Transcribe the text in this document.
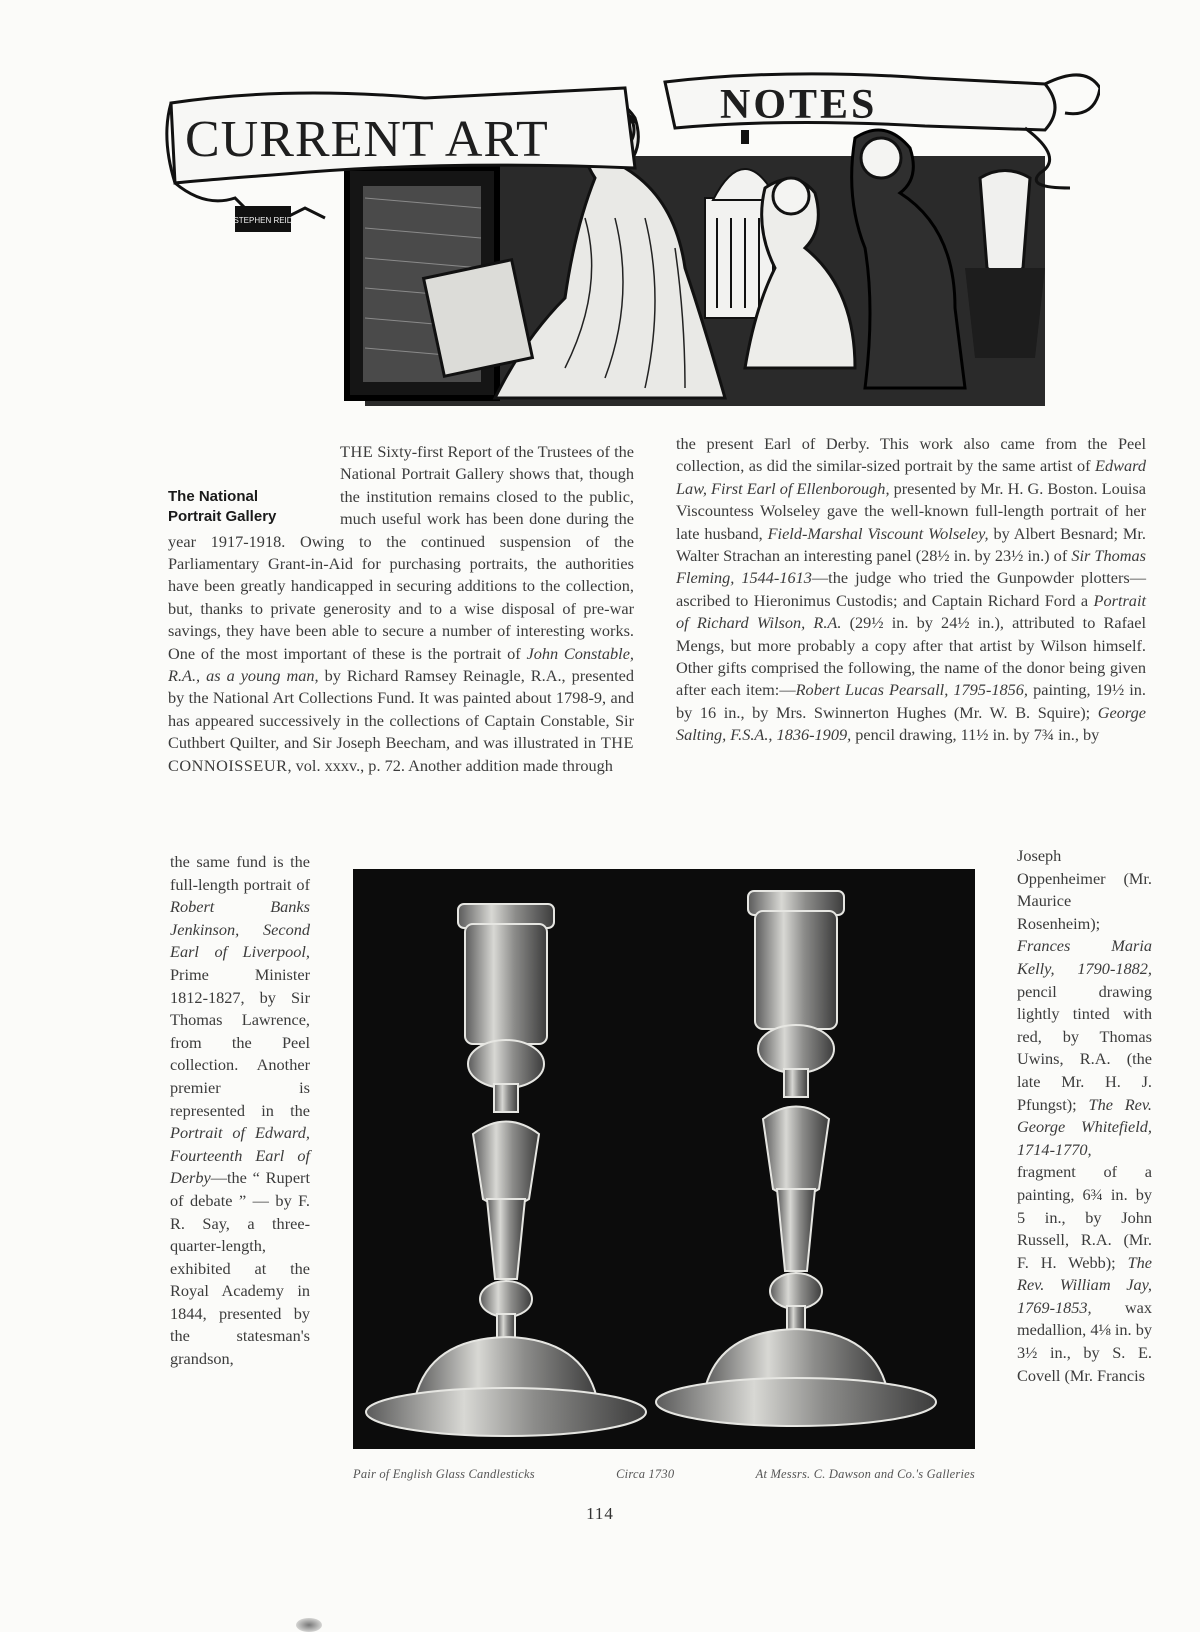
STEPHEN REID
CURRENT ART
NOTES
The National
Portrait Gallery

THE Sixty-first Report of the Trustees of the National Portrait Gallery shows that, though the institution remains closed to the public, much useful work has been done during the year 1917-1918. Owing to the continued suspension of the Parliamentary Grant-in-Aid for purchasing portraits, the authorities have been greatly handicapped in securing additions to the collection, but, thanks to private generosity and to a wise disposal of pre-war savings, they have been able to secure a number of interesting works. One of the most important of these is the portrait of John Constable, R.A., as a young man, by Richard Ramsey Reinagle, R.A., presented by the National Art Collections Fund. It was painted about 1798-9, and has appeared successively in the collections of Captain Constable, Sir Cuthbert Quilter, and Sir Joseph Beecham, and was illustrated in THE CONNOISSEUR, vol. xxxv., p. 72. Another addition made through

the same fund is the full-length portrait of Robert Banks Jenkinson, Second Earl of Liverpool, Prime Minister 1812-1827, by Sir Thomas Lawrence, from the Peel collection. Another premier is represented in the Portrait of Edward, Fourteenth Earl of Derby—the “ Rupert of debate ” — by F. R. Say, a three-quarter-length, exhibited at the Royal Academy in 1844, presented by the statesman's grandson,

the present Earl of Derby. This work also came from the Peel collection, as did the similar-sized portrait by the same artist of Edward Law, First Earl of Ellenborough, presented by Mr. H. G. Boston. Louisa Viscountess Wolseley gave the well-known full-length portrait of her late husband, Field-Marshal Viscount Wolseley, by Albert Besnard; Mr. Walter Strachan an interesting panel (28½ in. by 23½ in.) of Sir Thomas Fleming, 1544-1613—the judge who tried the Gunpowder plotters—ascribed to Hieronimus Custodis; and Captain Richard Ford a Portrait of Richard Wilson, R.A. (29½ in. by 24½ in.), attributed to Rafael Mengs, but more probably a copy after that artist by Wilson himself. Other gifts comprised the following, the name of the donor being given after each item:—Robert Lucas Pearsall, 1795-1856, painting, 19½ in. by 16 in., by Mrs. Swinnerton Hughes (Mr. W. B. Squire); George Salting, F.S.A., 1836-1909, pencil drawing, 11½ in. by 7¾ in., by

Joseph Oppenheimer (Mr. Maurice Rosenheim); Frances Maria Kelly, 1790-1882, pencil drawing lightly tinted with red, by Thomas Uwins, R.A. (the late Mr. H. J. Pfungst); The Rev. George Whitefield, 1714-1770, fragment of a painting, 6¾ in. by 5 in., by John Russell, R.A. (Mr. F. H. Webb); The Rev. William Jay, 1769-1853, wax medallion, 4⅛ in. by 3½ in., by S. E. Covell (Mr. Francis

Pair of English Glass Candlesticks	Circa 1730	At Messrs. C. Dawson and Co.'s Galleries
114
